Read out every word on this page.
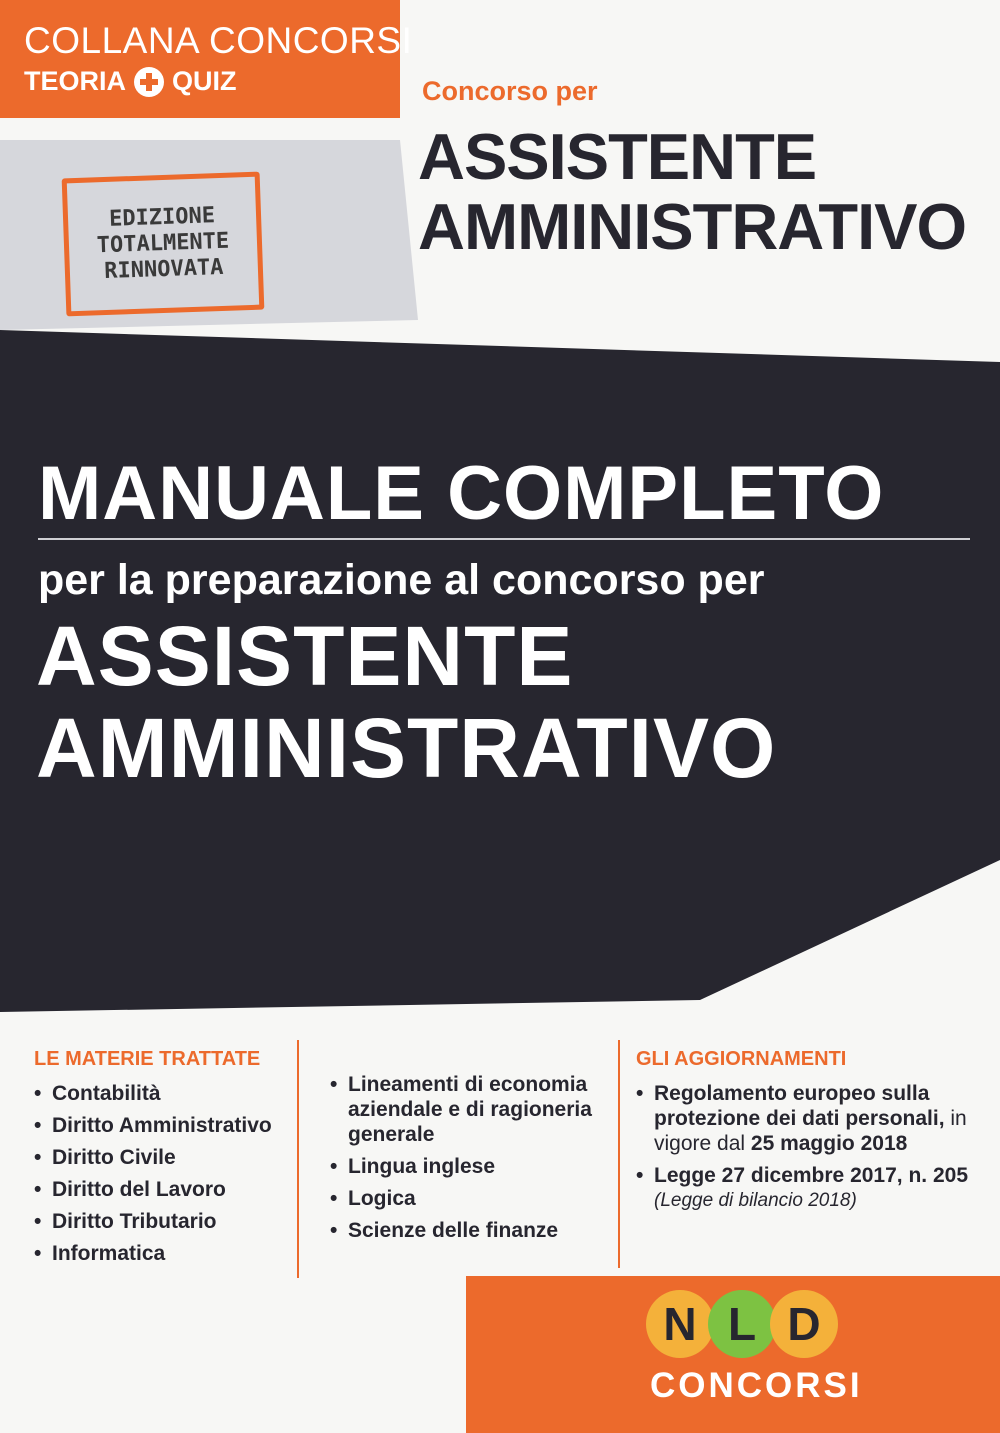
COLLANA CONCORSI
TEORIA QUIZ	Concorso per
ASSISTENTE
AMMINISTRATIVO
EDIZIONE
TOTALMENTE
RINNOVATA
MANUALE COMPLETO
per la preparazione al concorso per
ASSISTENTE
AMMINISTRATIVO
LE MATERIE TRATTATE
• Contabilità
• Diritto Amministrativo
• Diritto Civile
• Diritto del Lavoro
• Diritto Tributario
• Informatica
• Lineamenti di economia aziendale e di ragioneria generale
• Lingua inglese
• Logica
• Scienze delle finanze
GLI AGGIORNAMENTI
• Regolamento europeo sulla protezione dei dati personali, in vigore dal 25 maggio 2018
• Legge 27 dicembre 2017, n. 205
(Legge di bilancio 2018)
N L D
CONCORSI
